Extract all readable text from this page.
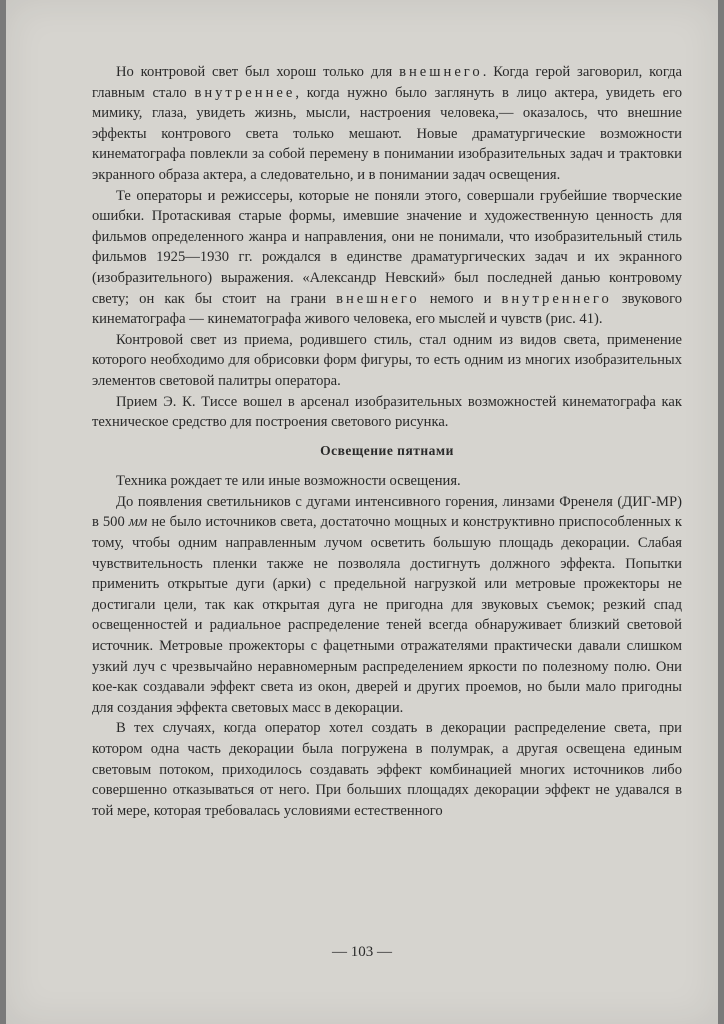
Но контровой свет был хорош только для внешнего. Когда герой заговорил, когда главным стало внутреннее, когда нужно было заглянуть в лицо актера, увидеть его мимику, глаза, увидеть жизнь, мысли, настроения человека,— оказалось, что внешние эффекты контрового света только мешают. Новые драматургические возможности кинематографа повлекли за собой перемену в понимании изобразительных задач и трактовки экранного образа актера, а следовательно, и в понимании задач освещения.

Те операторы и режиссеры, которые не поняли этого, совершали грубейшие творческие ошибки. Протаскивая старые формы, имевшие значение и художественную ценность для фильмов определенного жанра и направления, они не понимали, что изобразительный стиль фильмов 1925—1930 гг. рождался в единстве драматургических задач и их экранного (изобразительного) выражения. «Александр Невский» был последней данью контровому свету; он как бы стоит на грани внешнего немого и внутреннего звукового кинематографа — кинематографа живого человека, его мыслей и чувств (рис. 41).

Контровой свет из приема, родившего стиль, стал одним из видов света, применение которого необходимо для обрисовки форм фигуры, то есть одним из многих изобразительных элементов световой палитры оператора.

Прием Э. К. Тиссе вошел в арсенал изобразительных возможностей кинематографа как техническое средство для построения светового рисунка.

Освещение пятнами

Техника рождает те или иные возможности освещения.

До появления светильников с дугами интенсивного горения, линзами Френеля (ДИГ-МР) в 500 мм не было источников света, достаточно мощных и конструктивно приспособленных к тому, чтобы одним направленным лучом осветить большую площадь декорации. Слабая чувствительность пленки также не позволяла достигнуть должного эффекта. Попытки применить открытые дуги (арки) с предельной нагрузкой или метровые прожекторы не достигали цели, так как открытая дуга не пригодна для звуковых съемок; резкий спад освещенностей и радиальное распределение теней всегда обнаруживает близкий световой источник. Метровые прожекторы с фацетными отражателями практически давали слишком узкий луч с чрезвычайно неравномерным распределением яркости по полезному полю. Они кое-как создавали эффект света из окон, дверей и других проемов, но были мало пригодны для создания эффекта световых масс в декорации.

В тех случаях, когда оператор хотел создать в декорации распределение света, при котором одна часть декорации была погружена в полумрак, а другая освещена единым световым потоком, приходилось создавать эффект комбинацией многих источников либо совершенно отказываться от него. При больших площадях декорации эффект не удавался в той мере, которая требовалась условиями естественного

— 103 —
